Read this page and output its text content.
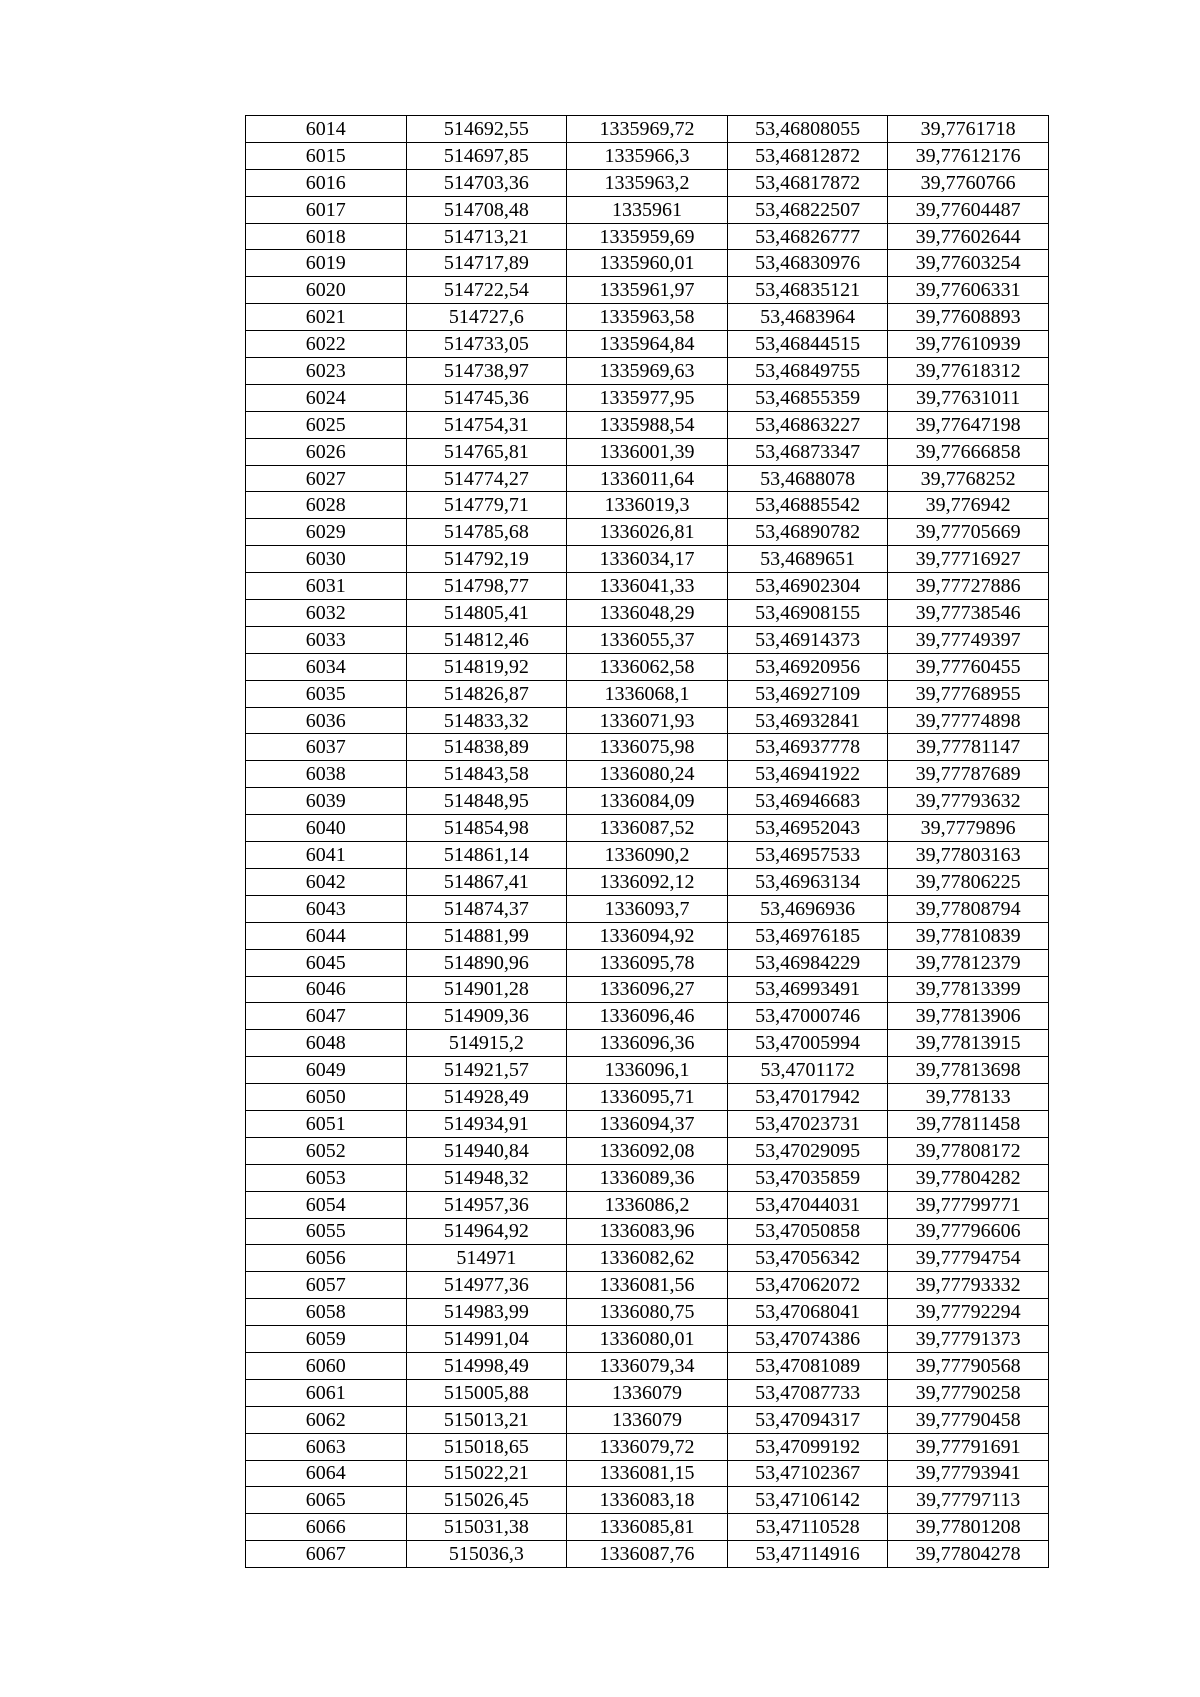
6014	514692,55	1335969,72	53,46808055	39,7761718
6015	514697,85	1335966,3	53,46812872	39,77612176
6016	514703,36	1335963,2	53,46817872	39,7760766
6017	514708,48	1335961	53,46822507	39,77604487
6018	514713,21	1335959,69	53,46826777	39,77602644
6019	514717,89	1335960,01	53,46830976	39,77603254
6020	514722,54	1335961,97	53,46835121	39,77606331
6021	514727,6	1335963,58	53,4683964	39,77608893
6022	514733,05	1335964,84	53,46844515	39,77610939
6023	514738,97	1335969,63	53,46849755	39,77618312
6024	514745,36	1335977,95	53,46855359	39,77631011
6025	514754,31	1335988,54	53,46863227	39,77647198
6026	514765,81	1336001,39	53,46873347	39,77666858
6027	514774,27	1336011,64	53,4688078	39,7768252
6028	514779,71	1336019,3	53,46885542	39,776942
6029	514785,68	1336026,81	53,46890782	39,77705669
6030	514792,19	1336034,17	53,4689651	39,77716927
6031	514798,77	1336041,33	53,46902304	39,77727886
6032	514805,41	1336048,29	53,46908155	39,77738546
6033	514812,46	1336055,37	53,46914373	39,77749397
6034	514819,92	1336062,58	53,46920956	39,77760455
6035	514826,87	1336068,1	53,46927109	39,77768955
6036	514833,32	1336071,93	53,46932841	39,77774898
6037	514838,89	1336075,98	53,46937778	39,77781147
6038	514843,58	1336080,24	53,46941922	39,77787689
6039	514848,95	1336084,09	53,46946683	39,77793632
6040	514854,98	1336087,52	53,46952043	39,7779896
6041	514861,14	1336090,2	53,46957533	39,77803163
6042	514867,41	1336092,12	53,46963134	39,77806225
6043	514874,37	1336093,7	53,4696936	39,77808794
6044	514881,99	1336094,92	53,46976185	39,77810839
6045	514890,96	1336095,78	53,46984229	39,77812379
6046	514901,28	1336096,27	53,46993491	39,77813399
6047	514909,36	1336096,46	53,47000746	39,77813906
6048	514915,2	1336096,36	53,47005994	39,77813915
6049	514921,57	1336096,1	53,4701172	39,77813698
6050	514928,49	1336095,71	53,47017942	39,778133
6051	514934,91	1336094,37	53,47023731	39,77811458
6052	514940,84	1336092,08	53,47029095	39,77808172
6053	514948,32	1336089,36	53,47035859	39,77804282
6054	514957,36	1336086,2	53,47044031	39,77799771
6055	514964,92	1336083,96	53,47050858	39,77796606
6056	514971	1336082,62	53,47056342	39,77794754
6057	514977,36	1336081,56	53,47062072	39,77793332
6058	514983,99	1336080,75	53,47068041	39,77792294
6059	514991,04	1336080,01	53,47074386	39,77791373
6060	514998,49	1336079,34	53,47081089	39,77790568
6061	515005,88	1336079	53,47087733	39,77790258
6062	515013,21	1336079	53,47094317	39,77790458
6063	515018,65	1336079,72	53,47099192	39,77791691
6064	515022,21	1336081,15	53,47102367	39,77793941
6065	515026,45	1336083,18	53,47106142	39,77797113
6066	515031,38	1336085,81	53,47110528	39,77801208
6067	515036,3	1336087,76	53,47114916	39,77804278
